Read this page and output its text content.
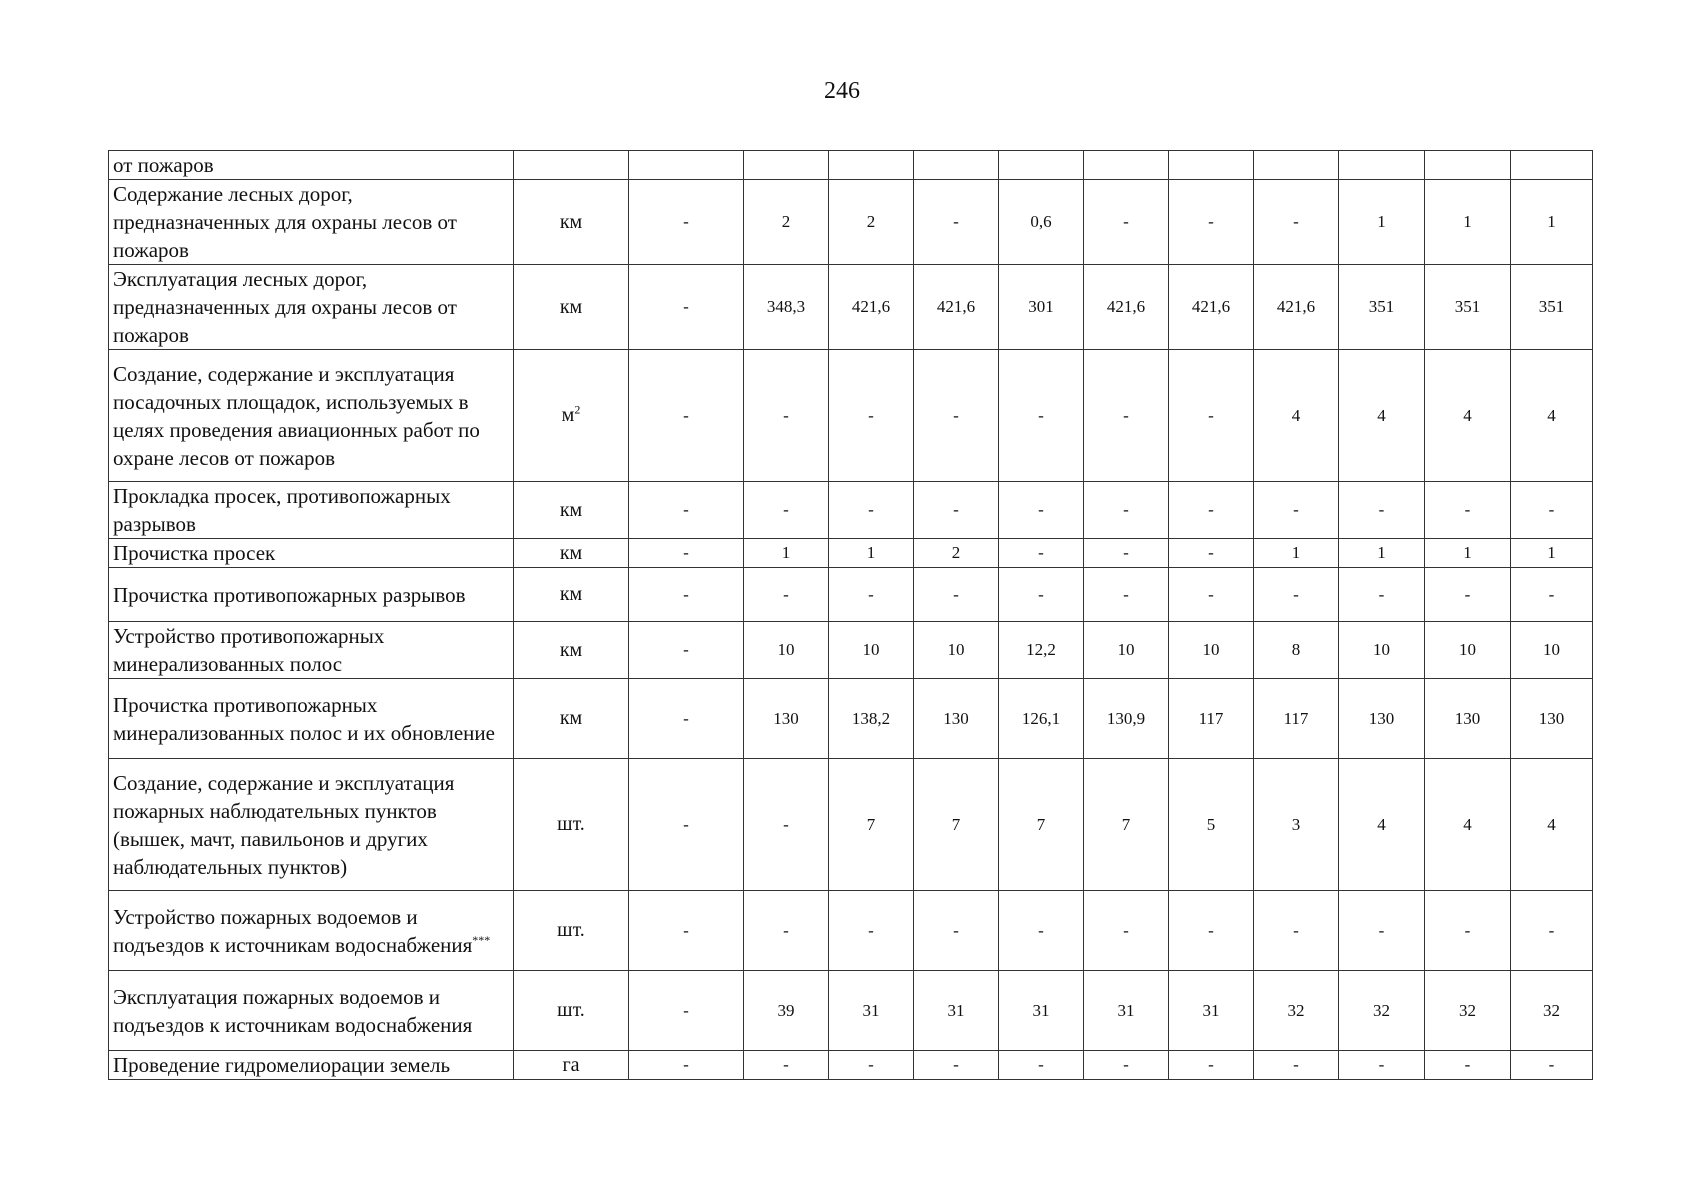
246
от пожаров												
Содержание лесных дорог, предназначенных для охраны лесов от пожаров	км	-	2	2	-	0,6	-	-	-	1	1	1
Эксплуатация лесных дорог, предназначенных для охраны лесов от пожаров	км	-	348,3	421,6	421,6	301	421,6	421,6	421,6	351	351	351
Создание, содержание и эксплуатация посадочных площадок, используемых в целях проведения авиационных работ по охране лесов от пожаров	$м^2$	-	-	-	-	-	-	-	4	4	4	4
Прокладка просек, противопожарных разрывов	км	-	-	-	-	-	-	-	-	-	-	-
Прочистка просек	км	-	1	1	2	-	-	-	1	1	1	1
Прочистка противопожарных разрывов	км	-	-	-	-	-	-	-	-	-	-	-
Устройство противопожарных минерализованных полос	км	-	10	10	10	12,2	10	10	8	10	10	10
Прочистка противопожарных минерализованных полос и их обновление	км	-	130	138,2	130	126,1	130,9	117	117	130	130	130
Создание, содержание и эксплуатация пожарных наблюдательных пунктов (вышек, мачт, павильонов и других наблюдательных пунктов)	шт.	-	-	7	7	7	7	5	3	4	4	4
Устройство пожарных водоемов и подъездов к источникам водоснабжения***	шт.	-	-	-	-	-	-	-	-	-	-	-
Эксплуатация пожарных водоемов и подъездов к источникам водоснабжения	шт.	-	39	31	31	31	31	31	32	32	32	32
Проведение гидромелиорации земель	га	-	-	-	-	-	-	-	-	-	-	-
